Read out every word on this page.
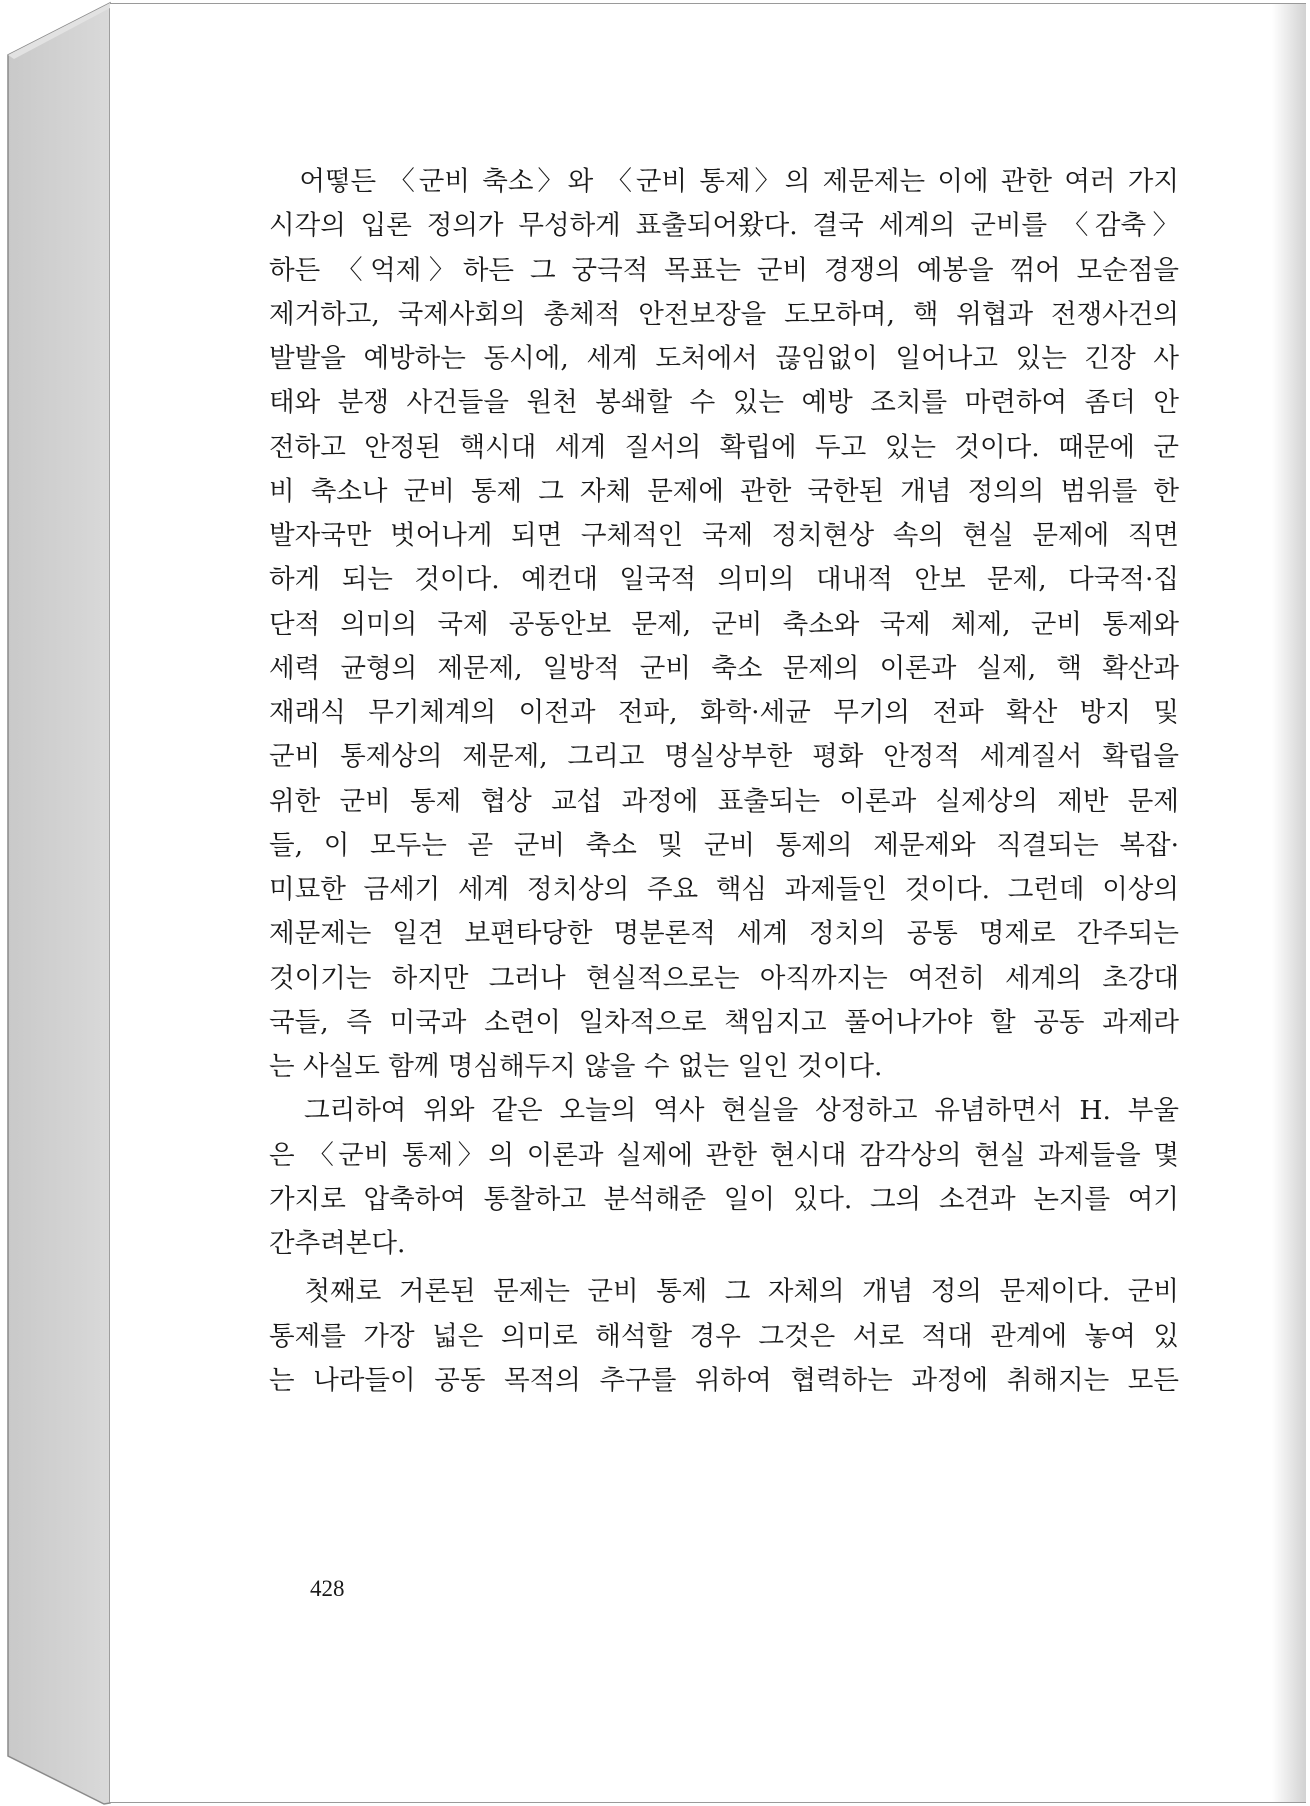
　어떻든 〈군비 축소〉와 〈군비 통제〉의 제문제는 이에 관한 여러 가지
시각의 입론 정의가 무성하게 표출되어왔다. 결국 세계의 군비를 〈감축〉
하든 〈억제〉하든 그 궁극적 목표는 군비 경쟁의 예봉을 꺾어 모순점을
제거하고, 국제사회의 총체적 안전보장을 도모하며, 핵 위협과 전쟁사건의
발발을 예방하는 동시에, 세계 도처에서 끊임없이 일어나고 있는 긴장 사
태와 분쟁 사건들을 원천 봉쇄할 수 있는 예방 조치를 마련하여 좀더 안
전하고 안정된 핵시대 세계 질서의 확립에 두고 있는 것이다. 때문에 군
비 축소나 군비 통제 그 자체 문제에 관한 국한된 개념 정의의 범위를 한
발자국만 벗어나게 되면 구체적인 국제 정치현상 속의 현실 문제에 직면
하게 되는 것이다. 예컨대 일국적 의미의 대내적 안보 문제, 다국적·집
단적 의미의 국제 공동안보 문제, 군비 축소와 국제 체제, 군비 통제와
세력 균형의 제문제, 일방적 군비 축소 문제의 이론과 실제, 핵 확산과
재래식 무기체계의 이전과 전파, 화학·세균 무기의 전파 확산 방지 및
군비 통제상의 제문제, 그리고 명실상부한 평화 안정적 세계질서 확립을
위한 군비 통제 협상 교섭 과정에 표출되는 이론과 실제상의 제반 문제
들, 이 모두는 곧 군비 축소 및 군비 통제의 제문제와 직결되는 복잡·
미묘한 금세기 세계 정치상의 주요 핵심 과제들인 것이다. 그런데 이상의
제문제는 일견 보편타당한 명분론적 세계 정치의 공통 명제로 간주되는
것이기는 하지만 그러나 현실적으로는 아직까지는 여전히 세계의 초강대
국들, 즉 미국과 소련이 일차적으로 책임지고 풀어나가야 할 공동 과제라
는 사실도 함께 명심해두지 않을 수 없는 일인 것이다.
　그리하여 위와 같은 오늘의 역사 현실을 상정하고 유념하면서 H. 부울
은 〈군비 통제〉의 이론과 실제에 관한 현시대 감각상의 현실 과제들을 몇
가지로 압축하여 통찰하고 분석해준 일이 있다. 그의 소견과 논지를 여기
간추려본다.
　첫째로 거론된 문제는 군비 통제 그 자체의 개념 정의 문제이다. 군비
통제를 가장 넓은 의미로 해석할 경우 그것은 서로 적대 관계에 놓여 있
는 나라들이 공동 목적의 추구를 위하여 협력하는 과정에 취해지는 모든
428
